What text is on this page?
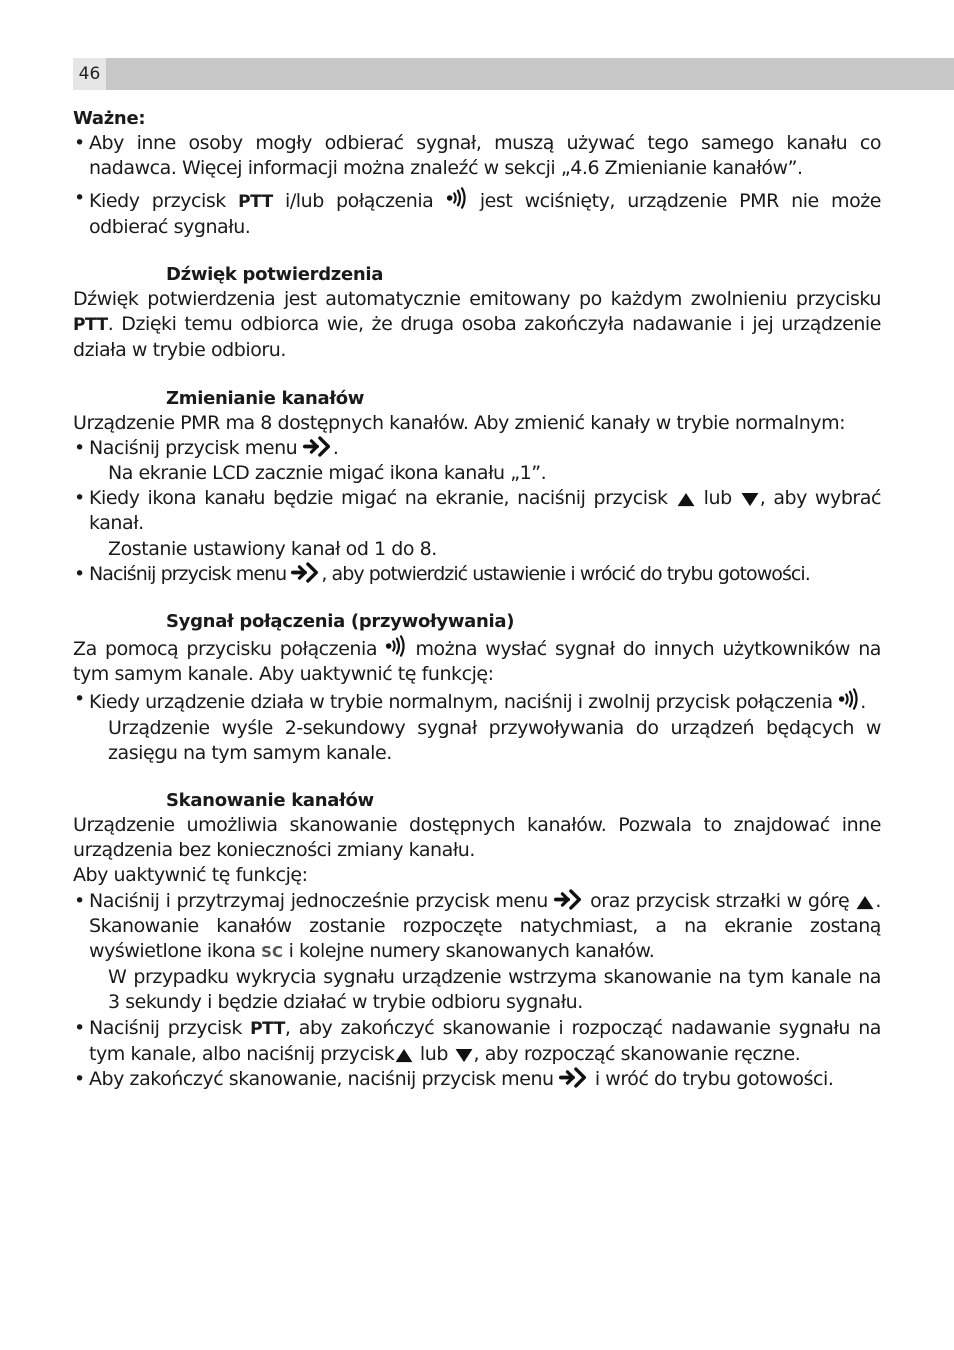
46
Ważne:

• Aby inne osoby mogły odbierać sygnał, muszą używać tego samego kanału co nadawca. Więcej informacji można znaleźć w sekcji „4.6 Zmienianie kanałów”.

• Kiedy przycisk PTT i/lub połączenia  jest wciśnięty, urządzenie PMR nie może odbierać sygnału.

Dźwięk potwierdzenia

Dźwięk potwierdzenia jest automatycznie emitowany po każdym zwolnieniu przycisku PTT. Dzięki temu odbiorca wie, że druga osoba zakończyła nadawanie i jej urządzenie działa w trybie odbioru.

Zmienianie kanałów

Urządzenie PMR ma 8 dostępnych kanałów. Aby zmienić kanały w trybie normalnym:

• Naciśnij przycisk menu .

Na ekranie LCD zacznie migać ikona kanału „1”.

• Kiedy ikona kanału będzie migać na ekranie, naciśnij przycisk  lub , aby wybrać kanał.

Zostanie ustawiony kanał od 1 do 8.

• Naciśnij przycisk menu , aby potwierdzić ustawienie i wrócić do trybu gotowości.

Sygnał połączenia (przywoływania)

Za pomocą przycisku połączenia  można wysłać sygnał do innych użytkowników na tym samym kanale. Aby uaktywnić tę funkcję:

• Kiedy urządzenie działa w trybie normalnym, naciśnij i zwolnij przycisk połączenia .

Urządzenie wyśle 2-sekundowy sygnał przywoływania do urządzeń będących w zasięgu na tym samym kanale.

Skanowanie kanałów

Urządzenie umożliwia skanowanie dostępnych kanałów. Pozwala to znajdować inne urządzenia bez konieczności zmiany kanału.

Aby uaktywnić tę funkcję:

• Naciśnij i przytrzymaj jednocześnie przycisk menu  oraz przycisk strzałki w górę . Skanowanie kanałów zostanie rozpoczęte natychmiast, a na ekranie zostaną wyświetlone ikona SC i kolejne numery skanowanych kanałów.

W przypadku wykrycia sygnału urządzenie wstrzyma skanowanie na tym kanale na 3 sekundy i będzie działać w trybie odbioru sygnału.

• Naciśnij przycisk PTT, aby zakończyć skanowanie i rozpocząć nadawanie sygnału na tym kanale, albo naciśnij przycisk lub , aby rozpocząć skanowanie ręczne.

• Aby zakończyć skanowanie, naciśnij przycisk menu  i wróć do trybu gotowości.
